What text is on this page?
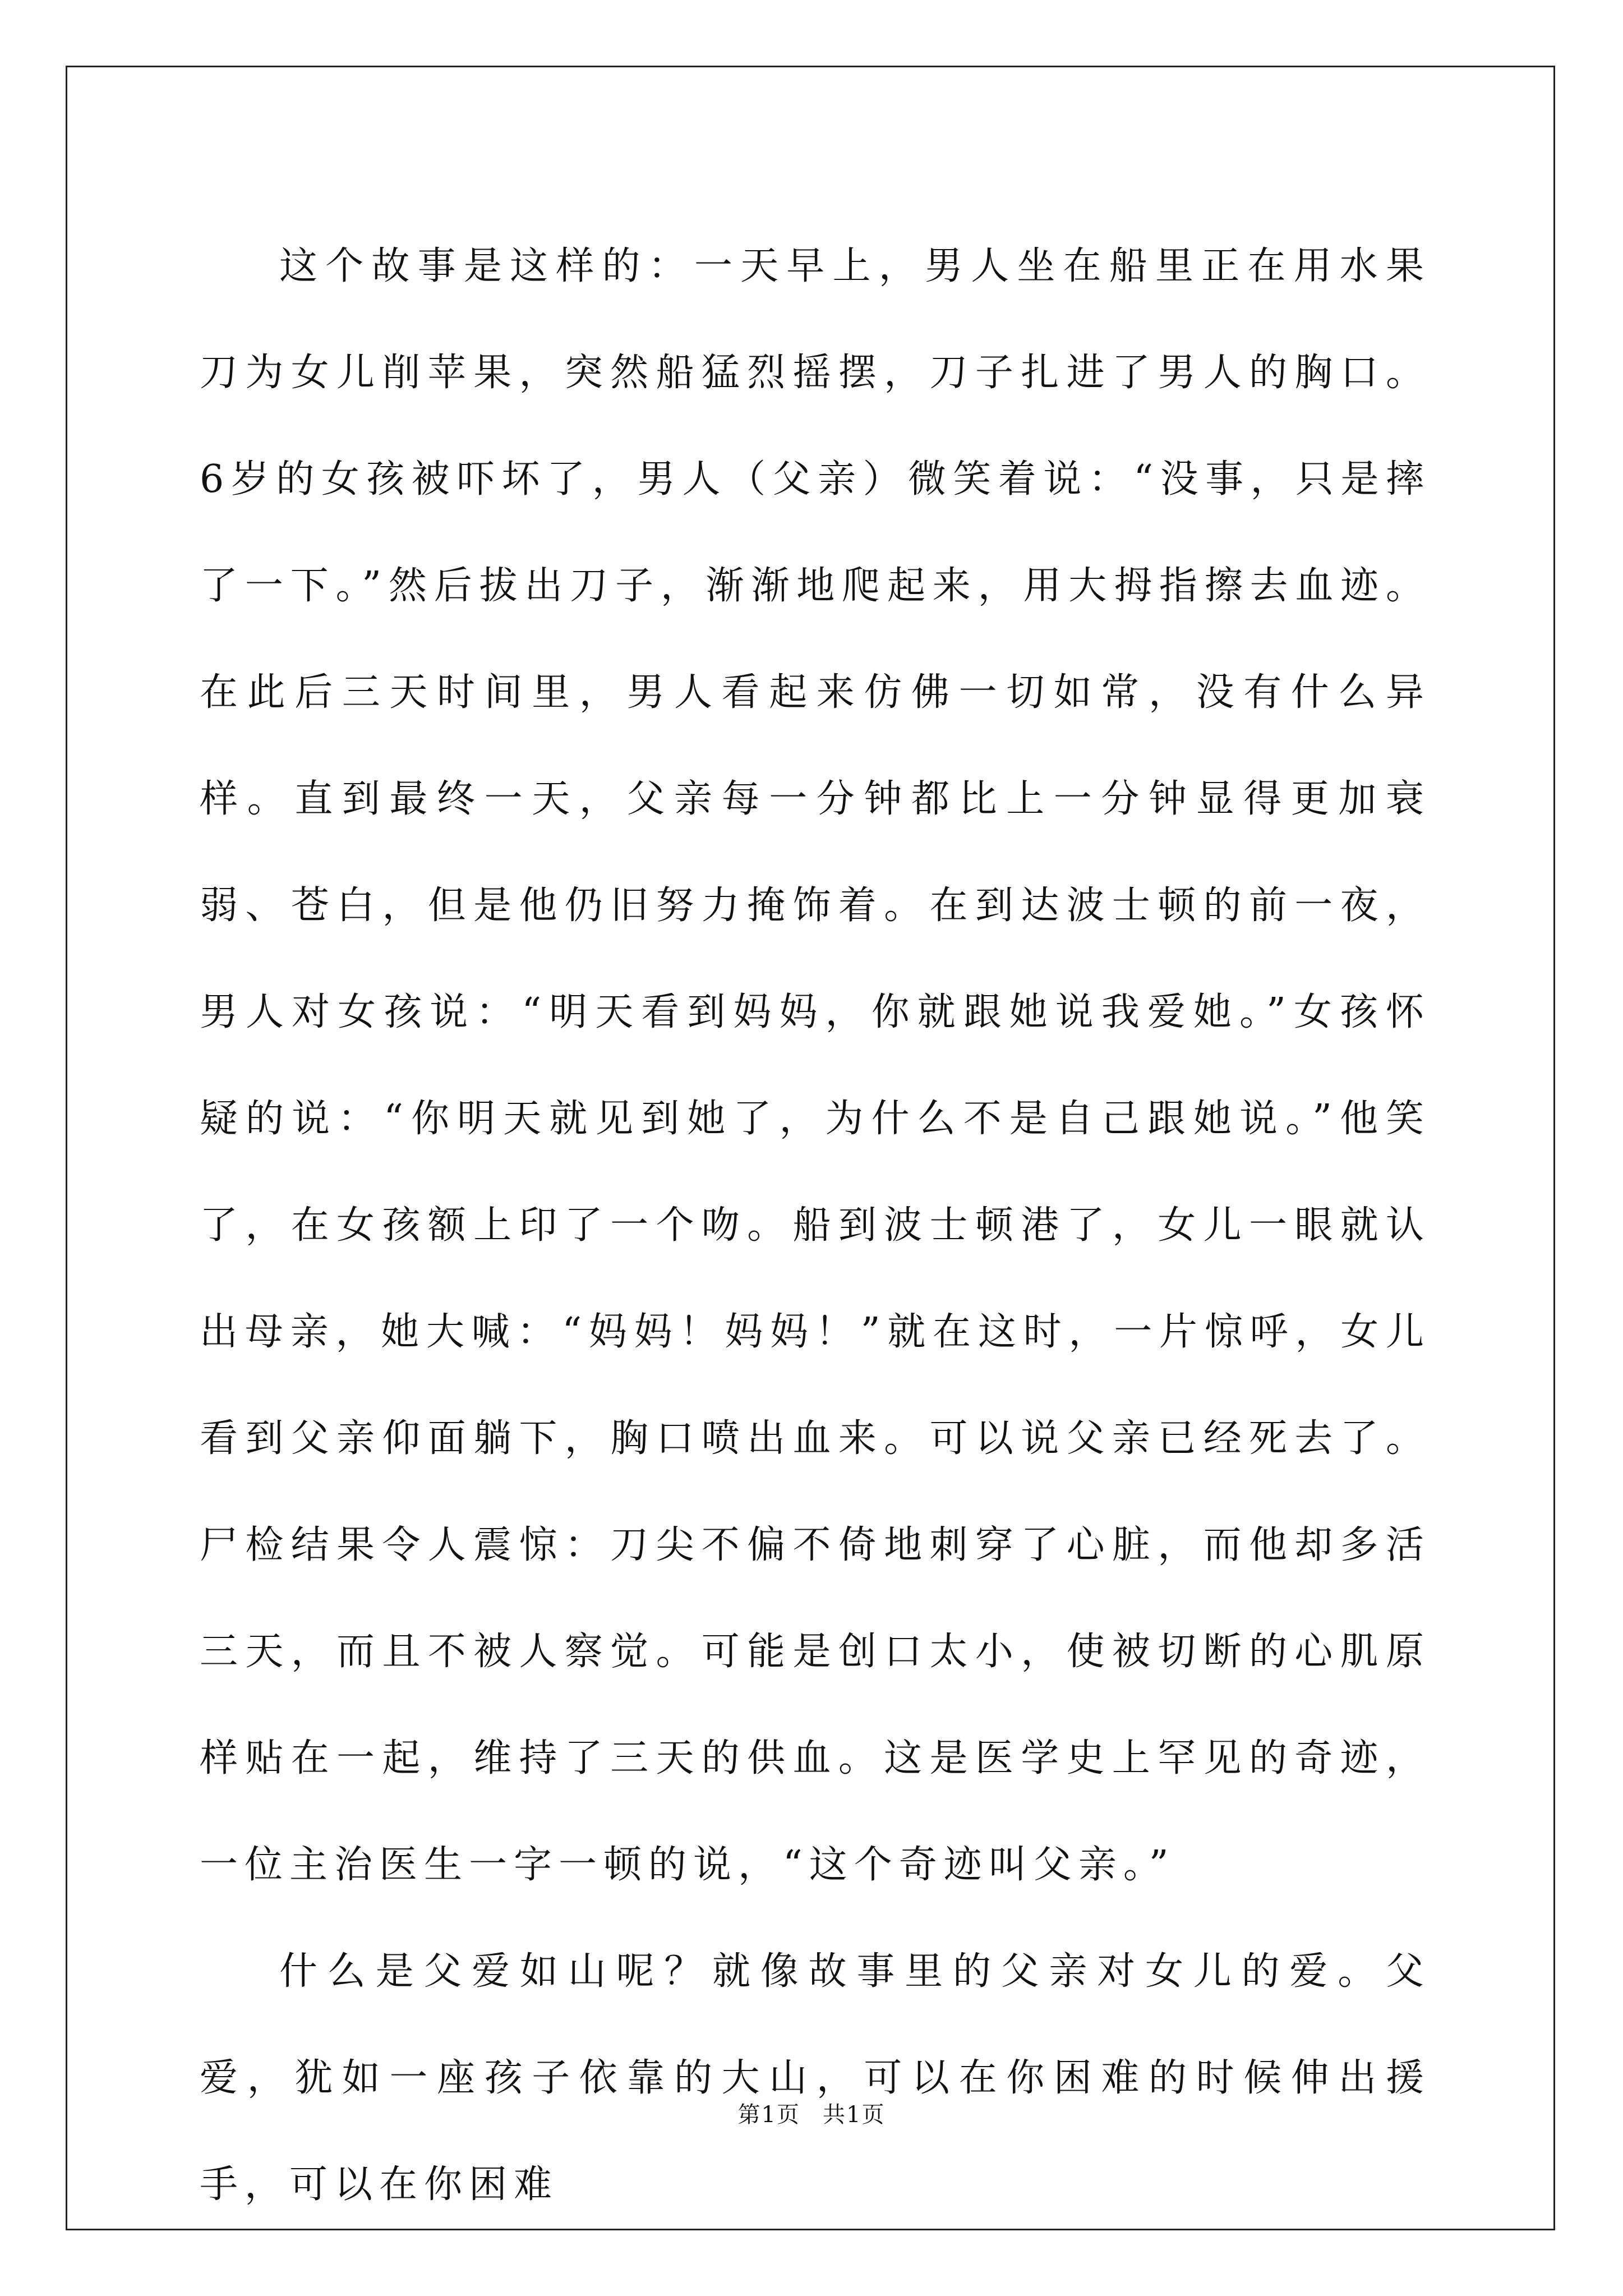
这个故事是这样的：一天早上，男人坐在船里正在用水果刀为女儿削苹果，突然船猛烈摇摆，刀子扎进了男人的胸口。6岁的女孩被吓坏了，男人（父亲）微笑着说：“没事，只是摔了一下。”然后拔出刀子，渐渐地爬起来，用大拇指擦去血迹。在此后三天时间里，男人看起来仿佛一切如常，没有什么异样。直到最终一天，父亲每一分钟都比上一分钟显得更加衰弱、苍白，但是他仍旧努力掩饰着。在到达波士顿的前一夜，男人对女孩说：“明天看到妈妈，你就跟她说我爱她。”女孩怀疑的说：“你明天就见到她了，为什么不是自己跟她说。”他笑了，在女孩额上印了一个吻。船到波士顿港了，女儿一眼就认出母亲，她大喊：“妈妈！妈妈！”就在这时，一片惊呼，女儿看到父亲仰面躺下，胸口喷出血来。可以说父亲已经死去了。尸检结果令人震惊：刀尖不偏不倚地刺穿了心脏，而他却多活三天，而且不被人察觉。可能是创口太小，使被切断的心肌原样贴在一起，维持了三天的供血。这是医学史上罕见的奇迹，一位主治医生一字一顿的说，“这个奇迹叫父亲。”

什么是父爱如山呢？就像故事里的父亲对女儿的爱。父爱，犹如一座孩子依靠的大山，可以在你困难的时候伸出援手，可以在你困难

第1页 共1页
